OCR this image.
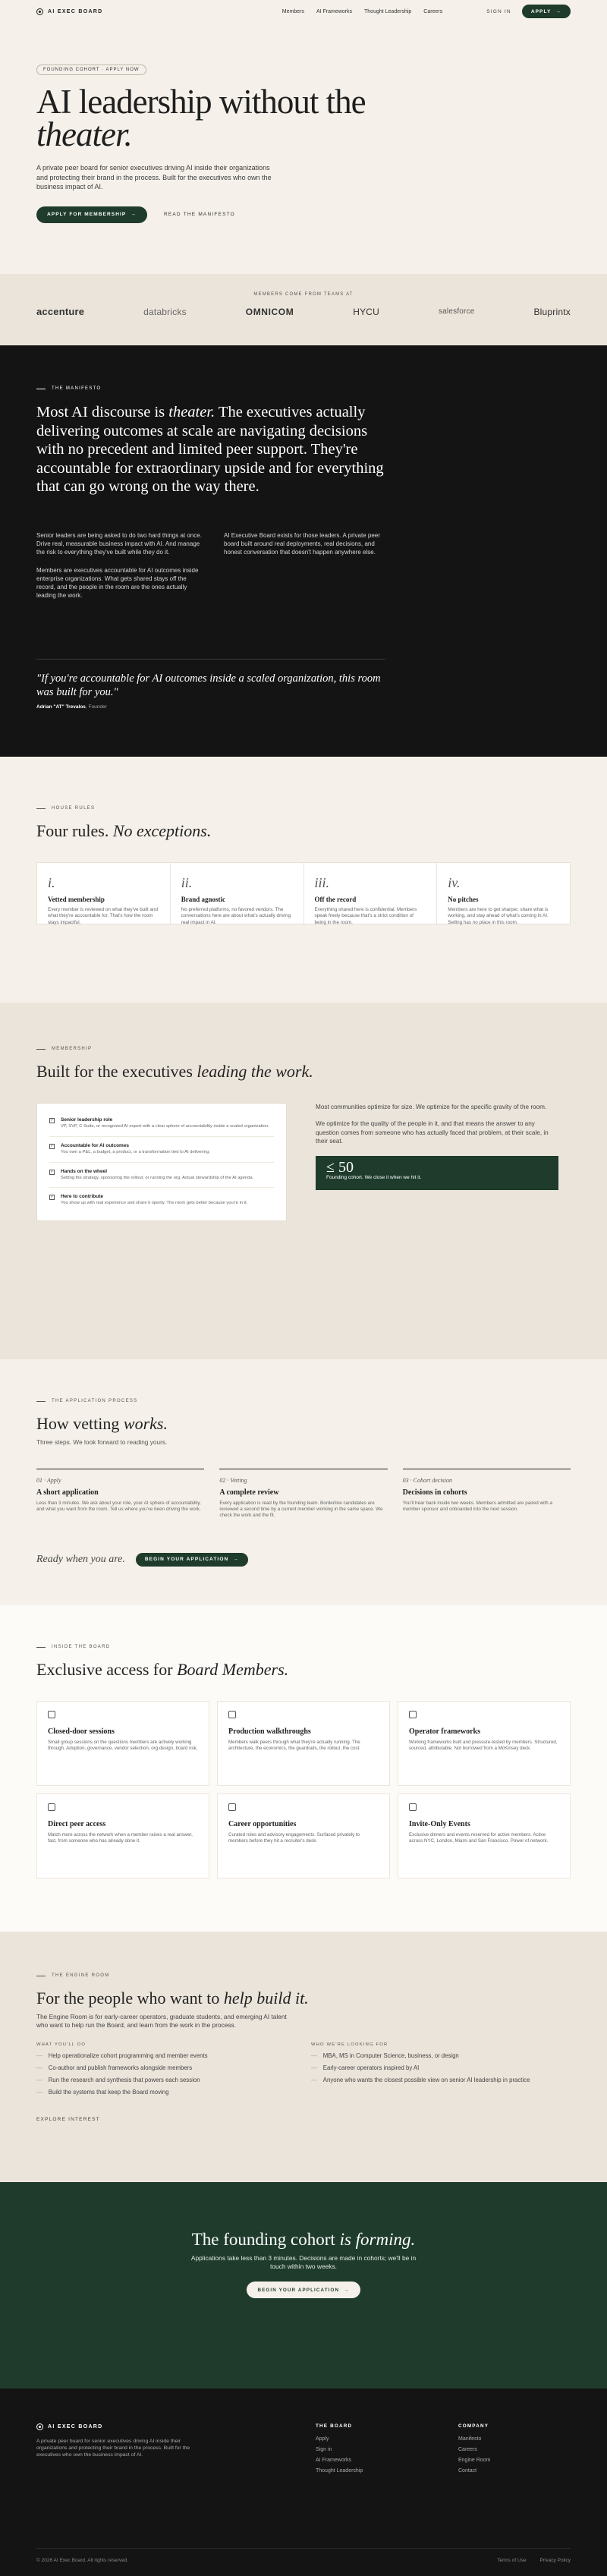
AI EXEC BOARD	Members AI Frameworks Thought Leadership Careers	SIGN IN	APPLY →
FOUNDING COHORT · APPLY NOW
AI leadership without the
theater.

A private peer board for senior executives driving AI inside their organizations and protecting their brand in the process. Built for the executives who own the business impact of AI.

APPLY FOR MEMBERSHIP →	READ THE MANIFESTO
MEMBERS COME FROM TEAMS AT
accenture	databricks	OMNICOM	HYCU	salesforce	Bluprintx
THE MANIFESTO
Most AI discourse is theater. The executives actually delivering outcomes at scale are navigating decisions with no precedent and limited peer support. They're accountable for extraordinary upside and for everything that can go wrong on the way there.

Senior leaders are being asked to do two hard things at once. Drive real, measurable business impact with AI. And manage the risk to everything they've built while they do it.

Members are executives accountable for AI outcomes inside enterprise organizations. What gets shared stays off the record, and the people in the room are the ones actually leading the work.

AI Executive Board exists for those leaders. A private peer board built around real deployments, real decisions, and honest conversation that doesn't happen anywhere else.

"If you're accountable for AI outcomes inside a scaled organization, this room was built for you."
Adrian "AT" Trevalos, Founder
HOUSE RULES
Four rules. No exceptions.
i.
Vetted membership

Every member is reviewed on what they've built and what they're accountable for. That's how the room stays impactful.

ii.
Brand agnostic

No preferred platforms, no favored vendors. The conversations here are about what's actually driving real impact in AI.

iii.
Off the record

Everything shared here is confidential. Members speak freely because that's a strict condition of being in the room.

iv.
No pitches

Members are here to get sharper, share what is working, and stay ahead of what's coming in AI. Selling has no place in this room.

MEMBERSHIP
Built for the executives leading the work.
✓ Senior leadership role

VP, SVP, C-Suite, or recognized AI expert with a clear sphere of accountability inside a scaled organization.

✓ Accountable for AI outcomes

You own a P&L, a budget, a product, or a transformation tied to AI delivering.

✓ Hands on the wheel

Setting the strategy, sponsoring the rollout, or running the org. Actual stewardship of the AI agenda.

✓ Here to contribute

You show up with real experience and share it openly. The room gets better because you're in it.

Most communities optimize for size. We optimize for the specific gravity of the room.

We optimize for the quality of the people in it, and that means the answer to any question comes from someone who has actually faced that problem, at their scale, in their seat.

≤ 50
Founding cohort. We close it when we hit it.
THE APPLICATION PROCESS
How vetting works.
Three steps. We look forward to reading yours.
01 · Apply
A short application

Less than 3 minutes. We ask about your role, your AI sphere of accountability, and what you want from the room. Tell us where you've been driving the work.

02 · Vetting
A complete review

Every application is read by the founding team. Borderline candidates are reviewed a second time by a current member working in the same space. We check the work and the fit.

03 · Cohort decision
Decisions in cohorts

You'll hear back inside two weeks. Members admitted are paired with a member sponsor and onboarded into the next session.

Ready when you are.	BEGIN YOUR APPLICATION →
INSIDE THE BOARD
Exclusive access for Board Members.
Closed-door sessions

Small group sessions on the questions members are actively working through. Adoption, governance, vendor selection, org design, board risk.

Production walkthroughs

Members walk peers through what they're actually running. The architecture, the economics, the guardrails, the rollout, the cost.

Operator frameworks

Working frameworks built and pressure-tested by members. Structured, sourced, attributable. Not borrowed from a McKinsey deck.

Direct peer access

Match more across the network when a member raises a real answer, fast, from someone who has already done it.

Career opportunities

Curated roles and advisory engagements. Surfaced privately to members before they hit a recruiter's desk.

Invite-Only Events

Exclusive dinners and events reserved for active members. Active across NYC, London, Miami and San Francisco. Power of network.

THE ENGINE ROOM
For the people who want to help build it.

The Engine Room is for early-career operators, graduate students, and emerging AI talent who want to help run the Board, and learn from the work in the process.

WHAT YOU'LL DO
— Help operationalize cohort programming and member events
— Co-author and publish frameworks alongside members
— Run the research and synthesis that powers each session
— Build the systems that keep the Board moving
WHO WE'RE LOOKING FOR
— MBA, MS in Computer Science, business, or design
— Early-career operators inspired by AI
— Anyone who wants the closest possible view on senior AI leadership in practice
EXPLORE INTEREST
The founding cohort is forming.

Applications take less than 3 minutes. Decisions are made in cohorts; we'll be in touch within two weeks.

BEGIN YOUR APPLICATION →
AI EXEC BOARD

A private peer board for senior executives driving AI inside their organizations and protecting their brand in the process. Built for the executives who own the business impact of AI.

THE BOARD
Apply
Sign in
AI Frameworks
Thought Leadership
COMPANY
Manifesto
Careers
Engine Room
Contact
© 2026 AI Exec Board. All rights reserved.	Terms of Use	Privacy Policy
